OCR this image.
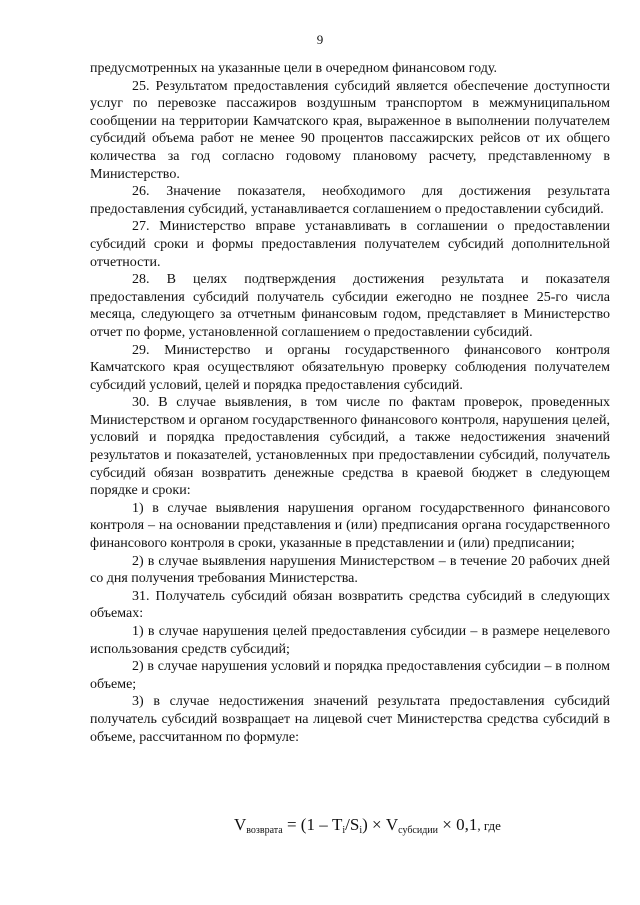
9

предусмотренных на указанные цели в очередном финансовом году.

25. Результатом предоставления субсидий является обеспечение доступности услуг по перевозке пассажиров воздушным транспортом в межмуниципальном сообщении на территории Камчатского края, выраженное в выполнении получателем субсидий объема работ не менее 90 процентов пассажирских рейсов от их общего количества за год согласно годовому плановому расчету, представленному в Министерство.

26. Значение показателя, необходимого для достижения результата предоставления субсидий, устанавливается соглашением о предоставлении субсидий.

27. Министерство вправе устанавливать в соглашении о предоставлении субсидий сроки и формы предоставления получателем субсидий дополнительной отчетности.

28. В целях подтверждения достижения результата и показателя предоставления субсидий получатель субсидии ежегодно не позднее 25-го числа месяца, следующего за отчетным финансовым годом, представляет в Министерство отчет по форме, установленной соглашением о предоставлении субсидий.

29. Министерство и органы государственного финансового контроля Камчатского края осуществляют обязательную проверку соблюдения получателем субсидий условий, целей и порядка предоставления субсидий.

30. В случае выявления, в том числе по фактам проверок, проведенных Министерством и органом государственного финансового контроля, нарушения целей, условий и порядка предоставления субсидий, а также недостижения значений результатов и показателей, установленных при предоставлении субсидий, получатель субсидий обязан возвратить денежные средства в краевой бюджет в следующем порядке и сроки:

1) в случае выявления нарушения органом государственного финансового контроля – на основании представления и (или) предписания органа государственного финансового контроля в сроки, указанные в представлении и (или) предписании;

2) в случае выявления нарушения Министерством – в течение 20 рабочих дней со дня получения требования Министерства.

31. Получатель субсидий обязан возвратить средства субсидий в следующих объемах:

1) в случае нарушения целей предоставления субсидии – в размере нецелевого использования средств субсидий;

2) в случае нарушения условий и порядка предоставления субсидии – в полном объеме;

3) в случае недостижения значений результата предоставления субсидий получатель субсидий возвращает на лицевой счет Министерства средства субсидий в объеме, рассчитанном по формуле:

$V_{возврата} = (1 - T_i/S_i) \times V_{субсидии} \times 0,1$, где
